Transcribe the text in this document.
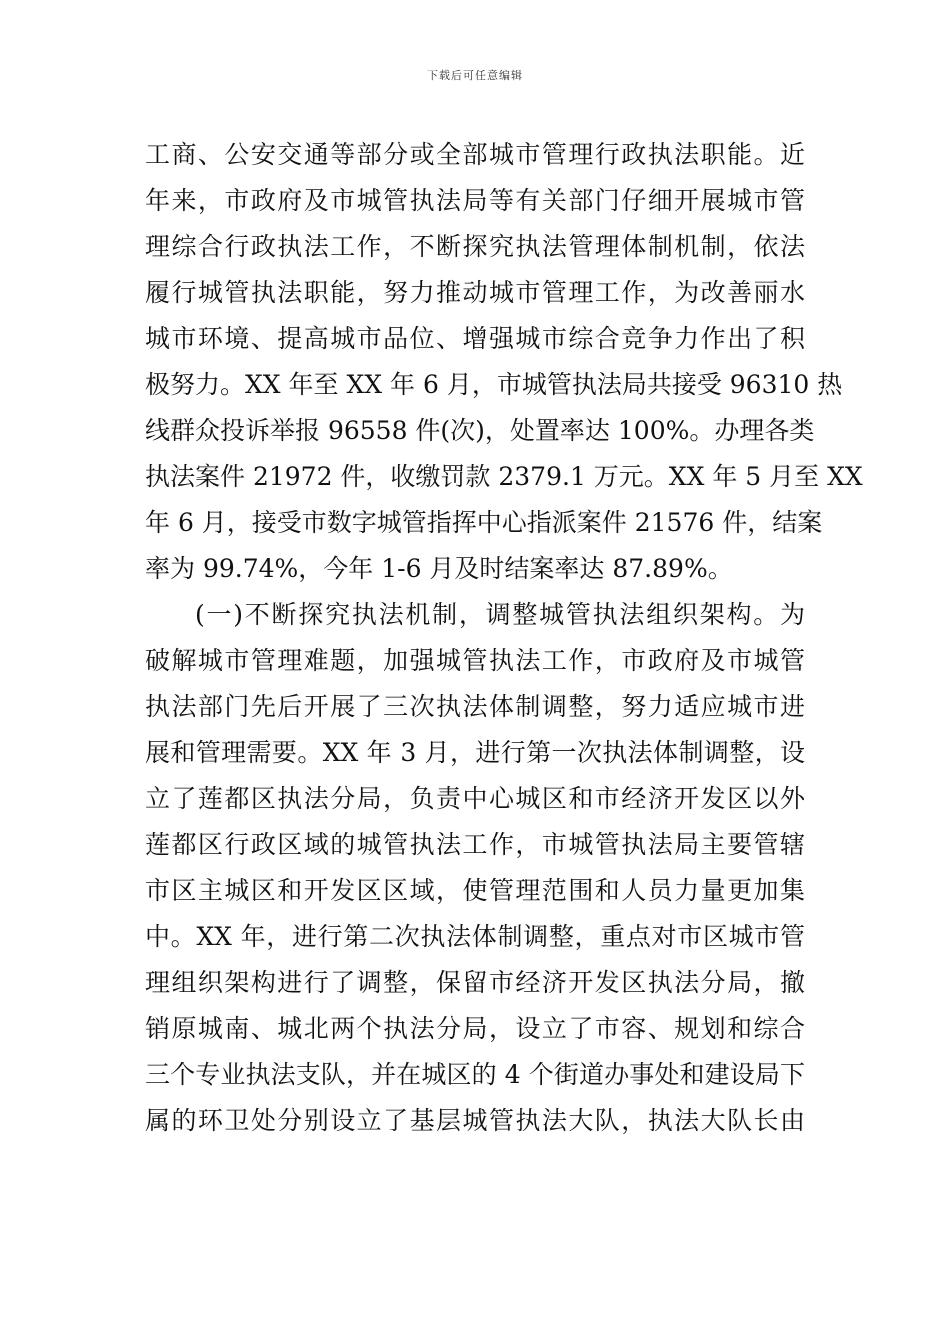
下载后可任意编辑
工商、公安交通等部分或全部城市管理行政执法职能。近
年来，市政府及市城管执法局等有关部门仔细开展城市管
理综合行政执法工作，不断探究执法管理体制机制，依法
履行城管执法职能，努力推动城市管理工作，为改善丽水
城市环境、提高城市品位、增强城市综合竞争力作出了积
极努力。XX 年至 XX 年 6 月，市城管执法局共接受 96310 热
线群众投诉举报 96558 件(次)，处置率达 100%。办理各类
执法案件 21972 件，收缴罚款 2379.1 万元。XX 年 5 月至 XX
年 6 月，接受市数字城管指挥中心指派案件 21576 件，结案
率为 99.74%，今年 1-6 月及时结案率达 87.89%。
(一)不断探究执法机制，调整城管执法组织架构。为
破解城市管理难题，加强城管执法工作，市政府及市城管
执法部门先后开展了三次执法体制调整，努力适应城市进
展和管理需要。XX 年 3 月，进行第一次执法体制调整，设
立了莲都区执法分局，负责中心城区和市经济开发区以外
莲都区行政区域的城管执法工作，市城管执法局主要管辖
市区主城区和开发区区域，使管理范围和人员力量更加集
中。XX 年，进行第二次执法体制调整，重点对市区城市管
理组织架构进行了调整，保留市经济开发区执法分局，撤
销原城南、城北两个执法分局，设立了市容、规划和综合
三个专业执法支队，并在城区的 4 个街道办事处和建设局下
属的环卫处分别设立了基层城管执法大队，执法大队长由
